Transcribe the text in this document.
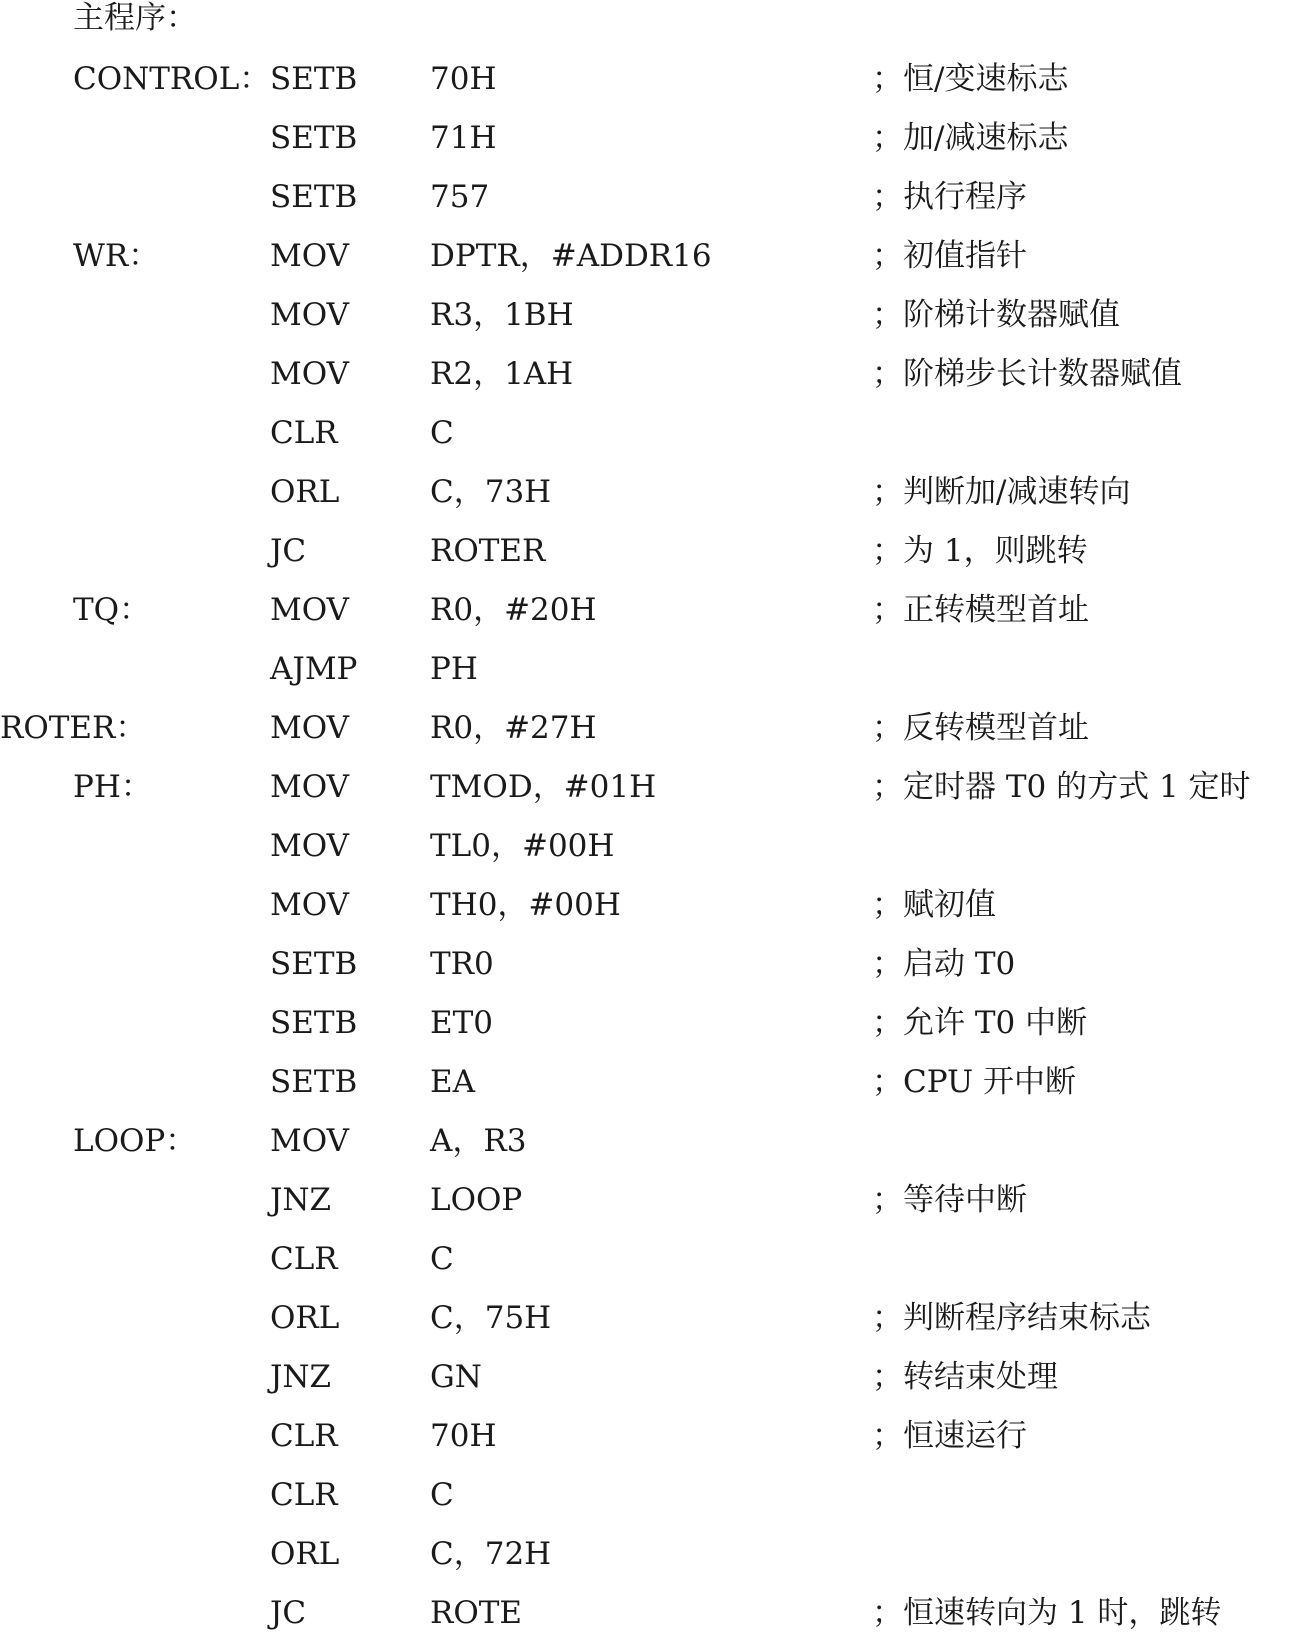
主程序：
CONTROL： SETB 70H	；恒/变速标志
SETB 71H	；加/减速标志
SETB 757	；执行程序
WR：	MOV	DPTR，#ADDR16	；初值指针
MOV	R3，1BH	；阶梯计数器赋值
MOV	R2，1AH	；阶梯步长计数器赋值
CLR	C
ORL	C，73H	；判断加/减速转向
JC	ROTER	；为 1，则跳转
TQ：	MOV	R0，#20H	；正转模型首址
AJMP PH
ROTER：	MOV	R0，#27H	；反转模型首址
PH：	MOV	TMOD，#01H	；定时器 T0 的方式 1 定时
MOV	TL0，#00H
MOV	TH0，#00H	；赋初值
SETB TR0	；启动 T0
SETB ET0	；允许 T0 中断
SETB EA	；CPU 开中断
LOOP： MOV	A，R3
JNZ	LOOP	；等待中断
CLR	C
ORL	C，75H	；判断程序结束标志
JNZ	GN	；转结束处理
CLR	70H	；恒速运行
CLR	C
ORL	C，72H
JC	ROTE	；恒速转向为 1 时，跳转
